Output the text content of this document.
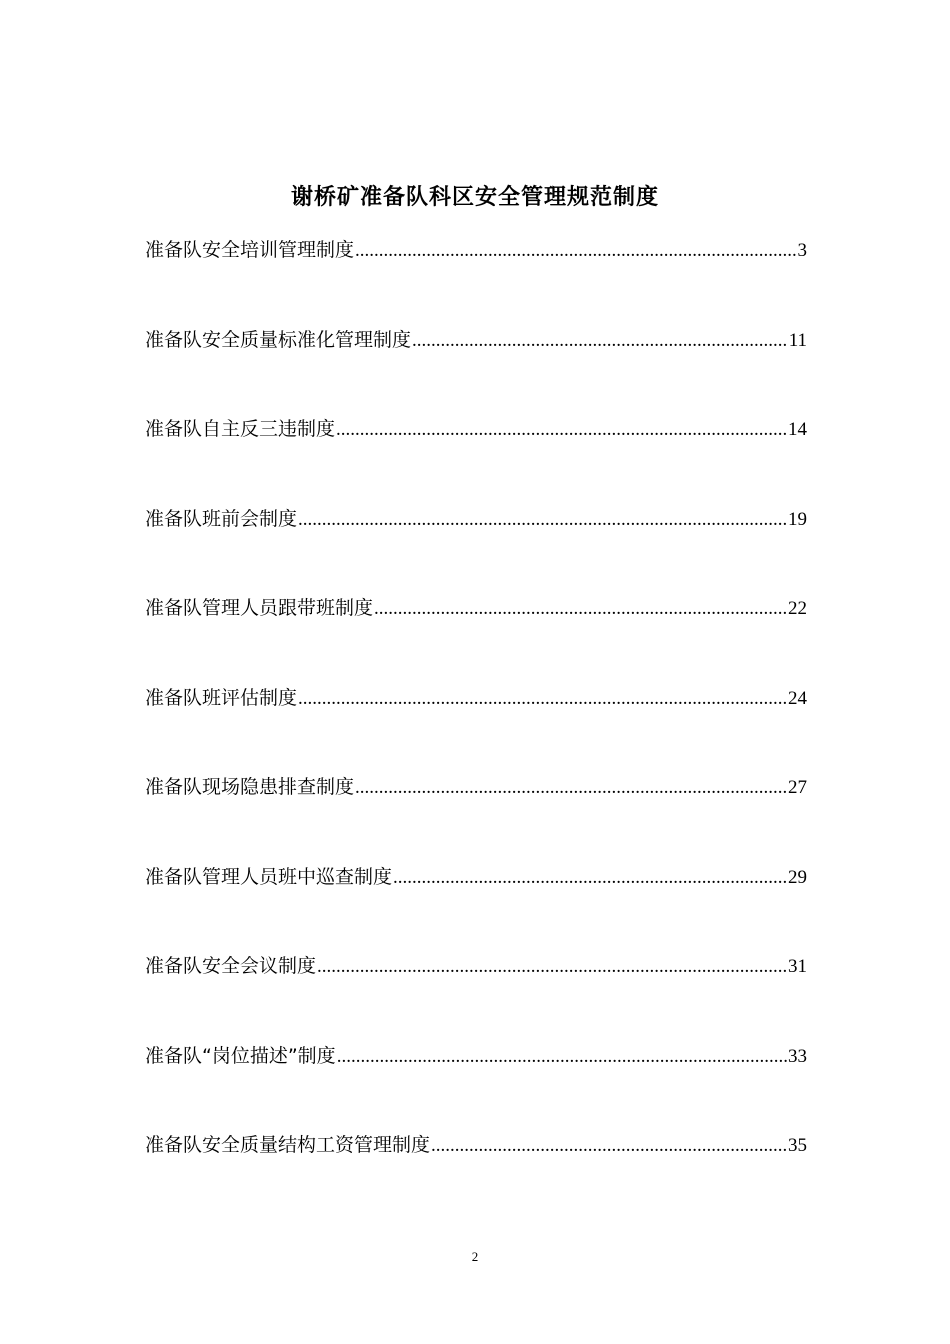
谢桥矿准备队科区安全管理规范制度
准备队安全培训管理制度 .....	3
准备队安全质量标准化管理制度 .....	11
准备队自主反三违制度 .....	14
准备队班前会制度 .....	19
准备队管理人员跟带班制度 .....	22
准备队班评估制度 .....	24
准备队现场隐患排查制度 .....	27
准备队管理人员班中巡查制度 .....	29
准备队安全会议制度 .....	31
准备队“岗位描述”制度 .....	33
准备队安全质量结构工资管理制度 .....	35
2
